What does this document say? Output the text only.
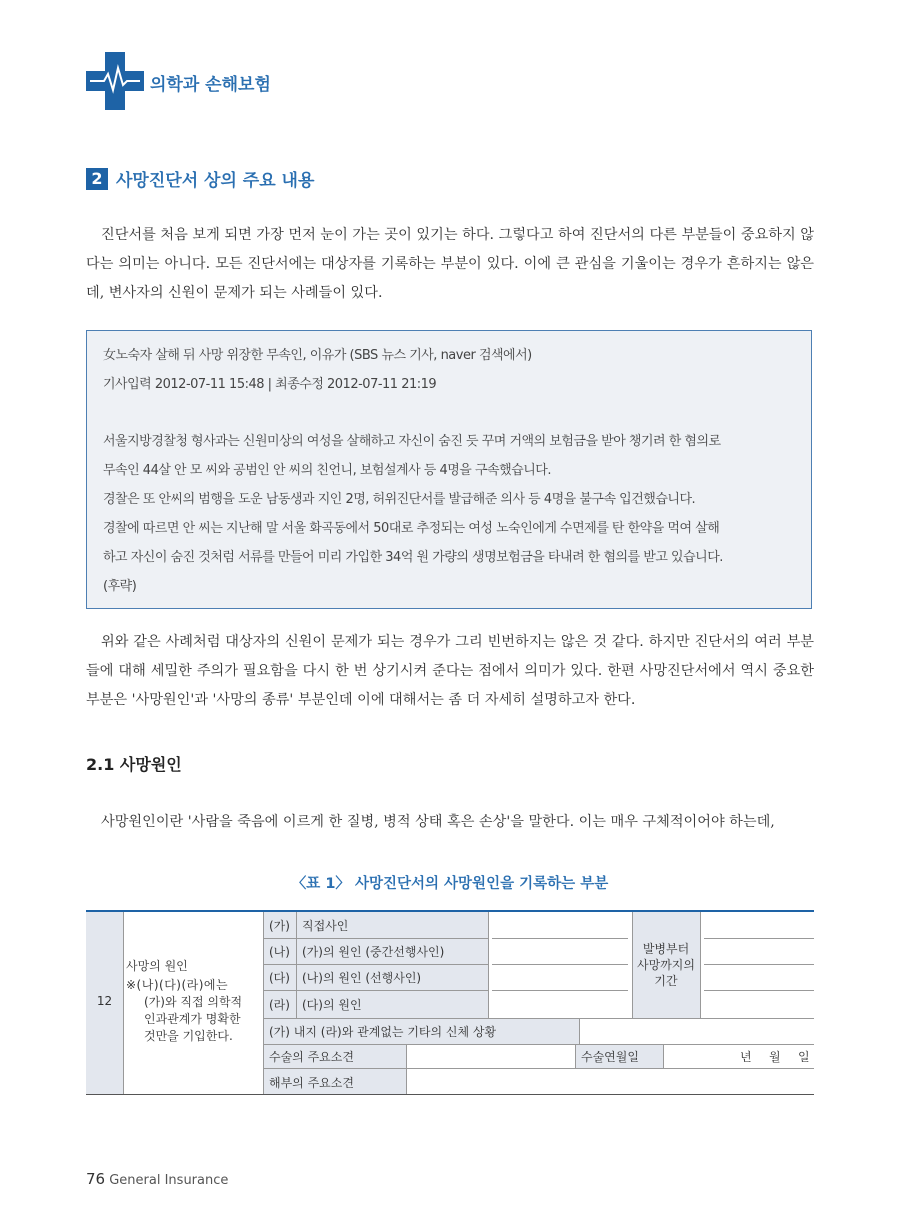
의학과 손해보험
2 사망진단서 상의 주요 내용

진단서를 처음 보게 되면 가장 먼저 눈이 가는 곳이 있기는 하다. 그렇다고 하여 진단서의 다른 부분들이 중요하지 않다는 의미는 아니다. 모든 진단서에는 대상자를 기록하는 부분이 있다. 이에 큰 관심을 기울이는 경우가 흔하지는 않은데, 변사자의 신원이 문제가 되는 사례들이 있다.

女노숙자 살해 뒤 사망 위장한 무속인, 이유가 (SBS 뉴스 기사, naver 검색에서)
기사입력 2012-07-11 15:48 | 최종수정 2012-07-11 21:19
서울지방경찰청 형사과는 신원미상의 여성을 살해하고 자신이 숨진 듯 꾸며 거액의 보험금을 받아 챙기려 한 혐의로
무속인 44살 안 모 씨와 공범인 안 씨의 친언니, 보험설계사 등 4명을 구속했습니다.
경찰은 또 안씨의 범행을 도운 남동생과 지인 2명, 허위진단서를 발급해준 의사 등 4명을 불구속 입건했습니다.
경찰에 따르면 안 씨는 지난해 말 서울 화곡동에서 50대로 추정되는 여성 노숙인에게 수면제를 탄 한약을 먹여 살해
하고 자신이 숨진 것처럼 서류를 만들어 미리 가입한 34억 원 가량의 생명보험금을 타내려 한 혐의를 받고 있습니다.
(후략)

위와 같은 사례처럼 대상자의 신원이 문제가 되는 경우가 그리 빈번하지는 않은 것 같다. 하지만 진단서의 여러 부분들에 대해 세밀한 주의가 필요함을 다시 한 번 상기시켜 준다는 점에서 의미가 있다. 한편 사망진단서에서 역시 중요한 부분은 '사망원인'과 '사망의 종류' 부분인데 이에 대해서는 좀 더 자세히 설명하고자 한다.

2.1 사망원인

사망원인이란 '사람을 죽음에 이르게 한 질병, 병적 상태 혹은 손상'을 말한다. 이는 매우 구체적이어야 하는데,

〈표 1〉 사망진단서의 사망원인을 기록하는 부분
12
사망의 원인
※(나)(다)(라)에는
(가)와 직접 의학적
인과관계가 명확한
것만을 기입한다.
(가) 직접사인
(나) (가)의 원인 (중간선행사인)
(다) (나)의 원인 (선행사인)
(라) (다)의 원인
발병부터
사망까지의
기간
(가) 내지 (라)와 관계없는 기타의 신체 상황
수술의 주요소견	수술연월일	년 월 일
해부의 주요소견
76 General Insurance
